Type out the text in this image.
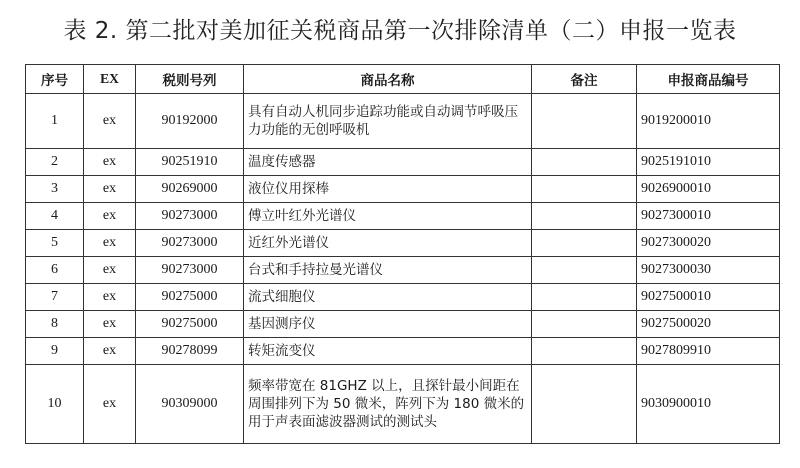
表 2. 第二批对美加征关税商品第一次排除清单（二）申报一览表
序号	EX	税则号列	商品名称	备注	申报商品编号
1	ex	90192000	具有自动人机同步追踪功能或自动调节呼吸压力功能的无创呼吸机		9019200010
2	ex	90251910	温度传感器		9025191010
3	ex	90269000	液位仪用探棒		9026900010
4	ex	90273000	傅立叶红外光谱仪		9027300010
5	ex	90273000	近红外光谱仪		9027300020
6	ex	90273000	台式和手持拉曼光谱仪		9027300030
7	ex	90275000	流式细胞仪		9027500010
8	ex	90275000	基因测序仪		9027500020
9	ex	90278099	转矩流变仪		9027809910
10	ex	90309000	频率带宽在 81GHZ 以上，且探针最小间距在周围排列下为 50 微米，阵列下为 180 微米的用于声表面滤波器测试的测试头		9030900010
